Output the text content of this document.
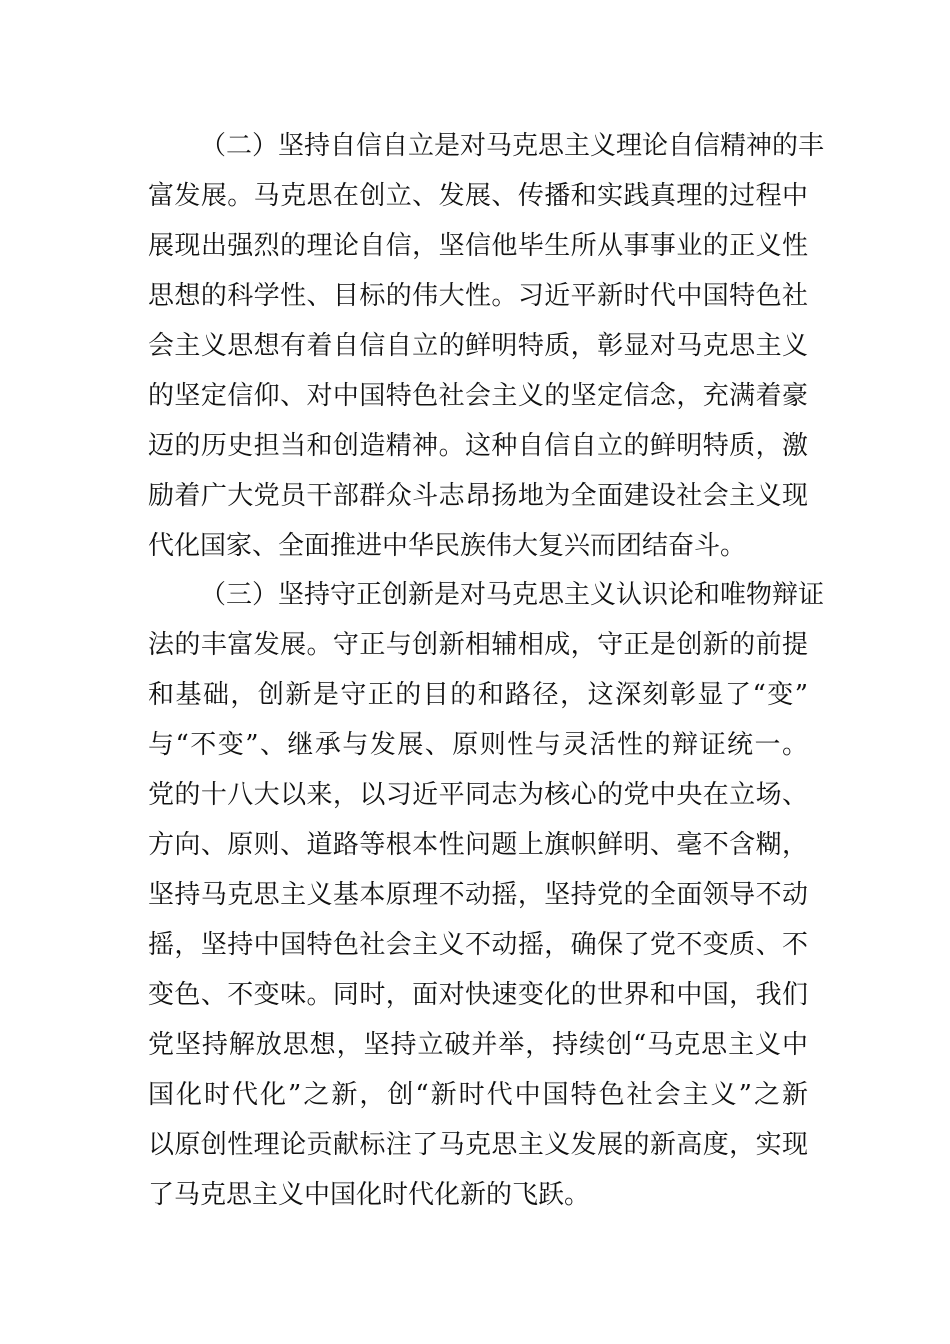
（二）坚持自信自立是对马克思主义理论自信精神的丰
富发展。马克思在创立、发展、传播和实践真理的过程中
展现出强烈的理论自信，坚信他毕生所从事事业的正义性
思想的科学性、目标的伟大性。习近平新时代中国特色社
会主义思想有着自信自立的鲜明特质，彰显对马克思主义
的坚定信仰、对中国特色社会主义的坚定信念，充满着豪
迈的历史担当和创造精神。这种自信自立的鲜明特质，激
励着广大党员干部群众斗志昂扬地为全面建设社会主义现
代化国家、全面推进中华民族伟大复兴而团结奋斗。
（三）坚持守正创新是对马克思主义认识论和唯物辩证
法的丰富发展。守正与创新相辅相成，守正是创新的前提
和基础，创新是守正的目的和路径，这深刻彰显了“变”
与“不变”、继承与发展、原则性与灵活性的辩证统一。
党的十八大以来，以习近平同志为核心的党中央在立场、
方向、原则、道路等根本性问题上旗帜鲜明、毫不含糊，
坚持马克思主义基本原理不动摇，坚持党的全面领导不动
摇，坚持中国特色社会主义不动摇，确保了党不变质、不
变色、不变味。同时，面对快速变化的世界和中国，我们
党坚持解放思想，坚持立破并举，持续创“马克思主义中
国化时代化”之新，创“新时代中国特色社会主义”之新
以原创性理论贡献标注了马克思主义发展的新高度，实现
了马克思主义中国化时代化新的飞跃。
